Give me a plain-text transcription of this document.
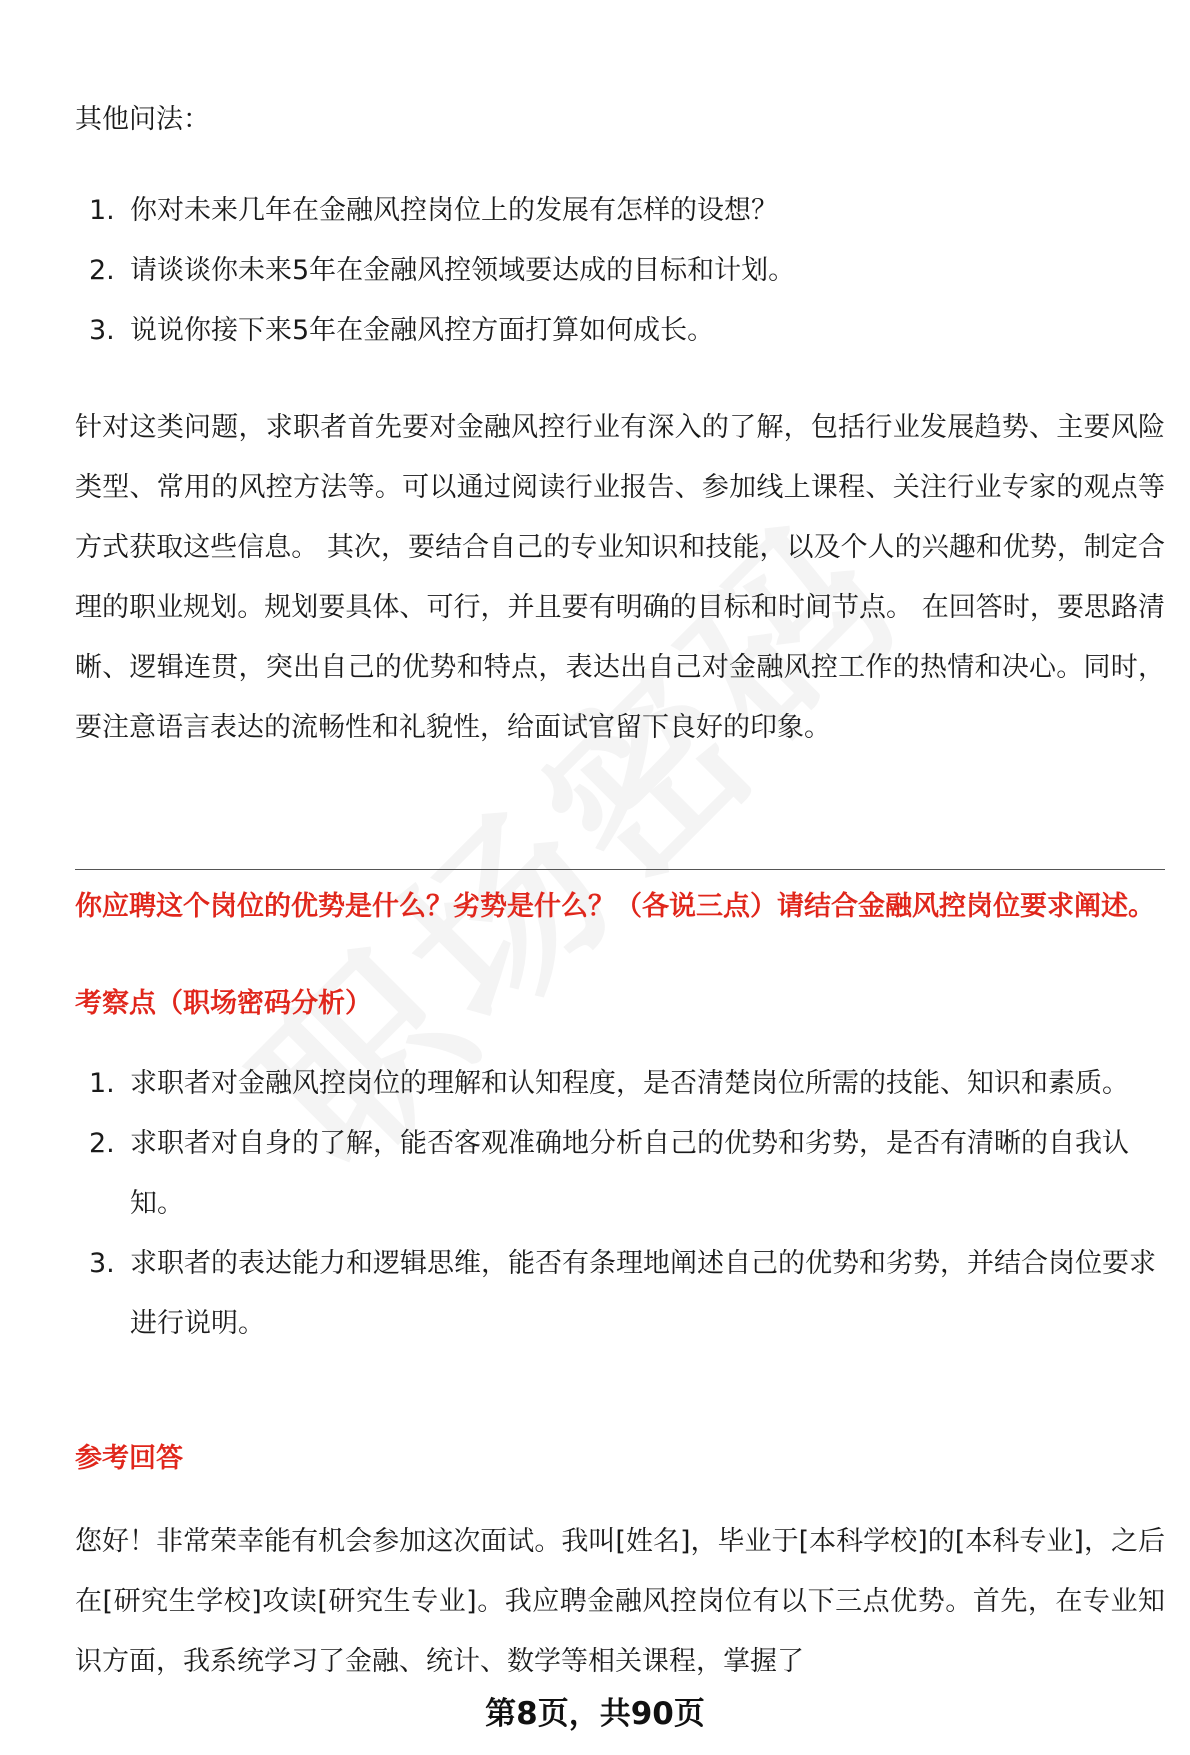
其他问法：
1. 你对未来几年在金融风控岗位上的发展有怎样的设想？
2. 请谈谈你未来5年在金融风控领域要达成的目标和计划。
3. 说说你接下来5年在金融风控方面打算如何成长。
针对这类问题，求职者首先要对金融风控行业有深入的了解，包括行业发展趋势、主要风险类型、常用的风控方法等。可以通过阅读行业报告、参加线上课程、关注行业专家的观点等方式获取这些信息。 其次，要结合自己的专业知识和技能，以及个人的兴趣和优势，制定合理的职业规划。规划要具体、可行，并且要有明确的目标和时间节点。 在回答时，要思路清晰、逻辑连贯，突出自己的优势和特点，表达出自己对金融风控工作的热情和决心。同时，要注意语言表达的流畅性和礼貌性，给面试官留下良好的印象。
你应聘这个岗位的优势是什么？劣势是什么？（各说三点）请结合金融风控岗位要求阐述。
考察点（职场密码分析）
1. 求职者对金融风控岗位的理解和认知程度，是否清楚岗位所需的技能、知识和素质。
2. 求职者对自身的了解，能否客观准确地分析自己的优势和劣势，是否有清晰的自我认知。
3. 求职者的表达能力和逻辑思维，能否有条理地阐述自己的优势和劣势，并结合岗位要求进行说明。
参考回答
您好！非常荣幸能有机会参加这次面试。我叫[姓名]，毕业于[本科学校]的[本科专业]，之后在[研究生学校]攻读[研究生专业]。我应聘金融风控岗位有以下三点优势。首先，在专业知识方面，我系统学习了金融、统计、数学等相关课程，掌握了
第8页，共90页
